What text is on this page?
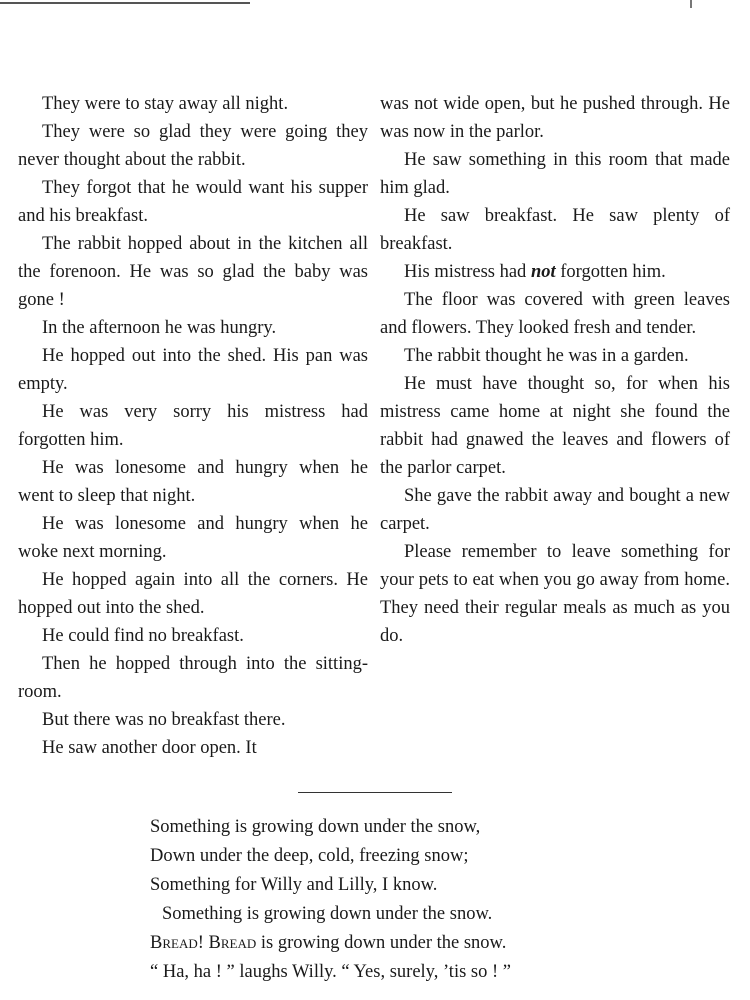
They were to stay away all night.

They were so glad they were going they never thought about the rabbit.

They forgot that he would want his supper and his breakfast.

The rabbit hopped about in the kitchen all the forenoon. He was so glad the baby was gone !

In the afternoon he was hungry.

He hopped out into the shed. His pan was empty.

He was very sorry his mistress had forgotten him.

He was lonesome and hungry when he went to sleep that night.

He was lonesome and hungry when he woke next morning.

He hopped again into all the corners. He hopped out into the shed.

He could find no breakfast.

Then he hopped through into the sitting-room.

But there was no breakfast there.

He saw another door open. It

was not wide open, but he pushed through. He was now in the parlor.

He saw something in this room that made him glad.

He saw breakfast. He saw plenty of breakfast.

His mistress had not forgotten him.

The floor was covered with green leaves and flowers. They looked fresh and tender.

The rabbit thought he was in a garden.

He must have thought so, for when his mistress came home at night she found the rabbit had gnawed the leaves and flowers of the parlor carpet.

She gave the rabbit away and bought a new carpet.

Please remember to leave something for your pets to eat when you go away from home. They need their regular meals as much as you do.

Something is growing down under the snow,
Down under the deep, cold, freezing snow;
Something for Willy and Lilly, I know.
Something is growing down under the snow.
Bread! Bread is growing down under the snow.
“ Ha, ha ! ” laughs Willy. “ Yes, surely, ’tis so ! ”
